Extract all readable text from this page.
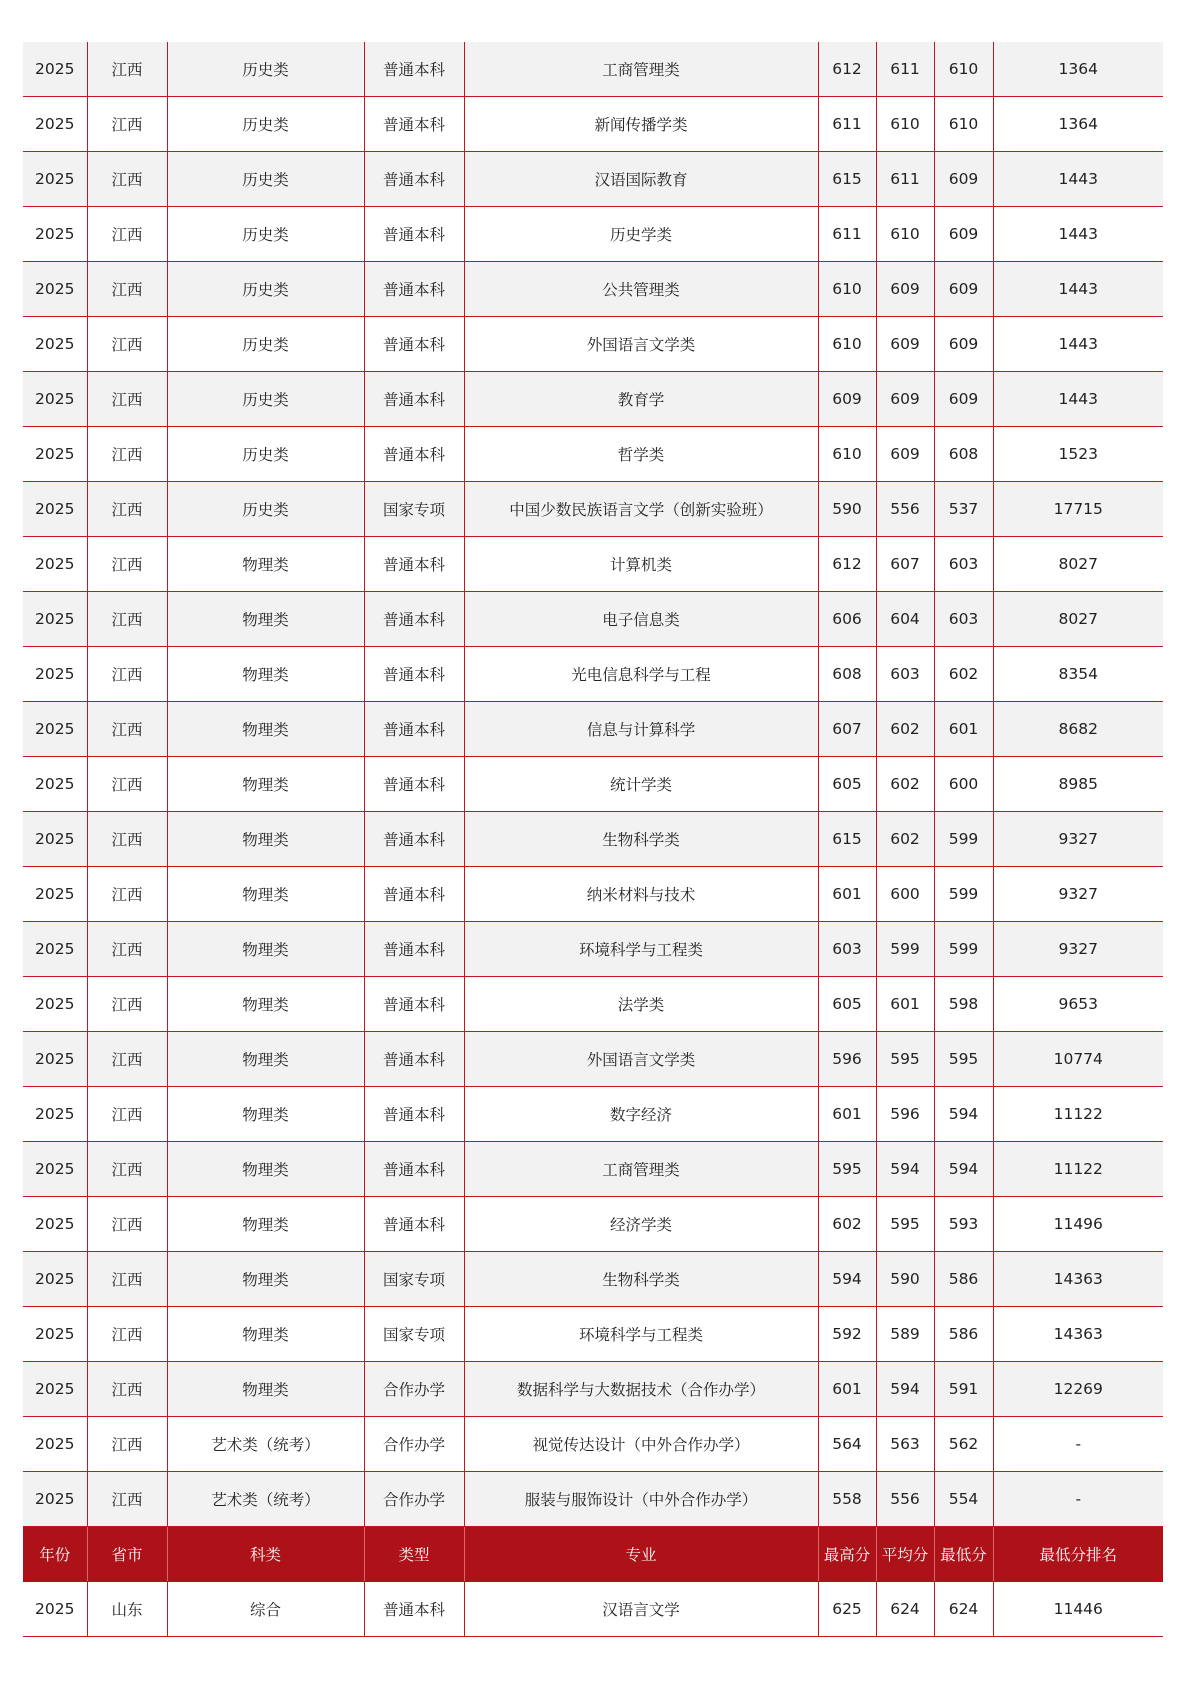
2025	江西	历史类	普通本科	工商管理类	612	611	610	1364
2025	江西	历史类	普通本科	新闻传播学类	611	610	610	1364
2025	江西	历史类	普通本科	汉语国际教育	615	611	609	1443
2025	江西	历史类	普通本科	历史学类	611	610	609	1443
2025	江西	历史类	普通本科	公共管理类	610	609	609	1443
2025	江西	历史类	普通本科	外国语言文学类	610	609	609	1443
2025	江西	历史类	普通本科	教育学	609	609	609	1443
2025	江西	历史类	普通本科	哲学类	610	609	608	1523
2025	江西	历史类	国家专项	中国少数民族语言文学（创新实验班）	590	556	537	17715
2025	江西	物理类	普通本科	计算机类	612	607	603	8027
2025	江西	物理类	普通本科	电子信息类	606	604	603	8027
2025	江西	物理类	普通本科	光电信息科学与工程	608	603	602	8354
2025	江西	物理类	普通本科	信息与计算科学	607	602	601	8682
2025	江西	物理类	普通本科	统计学类	605	602	600	8985
2025	江西	物理类	普通本科	生物科学类	615	602	599	9327
2025	江西	物理类	普通本科	纳米材料与技术	601	600	599	9327
2025	江西	物理类	普通本科	环境科学与工程类	603	599	599	9327
2025	江西	物理类	普通本科	法学类	605	601	598	9653
2025	江西	物理类	普通本科	外国语言文学类	596	595	595	10774
2025	江西	物理类	普通本科	数字经济	601	596	594	11122
2025	江西	物理类	普通本科	工商管理类	595	594	594	11122
2025	江西	物理类	普通本科	经济学类	602	595	593	11496
2025	江西	物理类	国家专项	生物科学类	594	590	586	14363
2025	江西	物理类	国家专项	环境科学与工程类	592	589	586	14363
2025	江西	物理类	合作办学	数据科学与大数据技术（合作办学）	601	594	591	12269
2025	江西	艺术类（统考）	合作办学	视觉传达设计（中外合作办学）	564	563	562	-
2025	江西	艺术类（统考）	合作办学	服装与服饰设计（中外合作办学）	558	556	554	-
年份	省市	科类	类型	专业	最高分	平均分	最低分	最低分排名
2025	山东	综合	普通本科	汉语言文学	625	624	624	11446
